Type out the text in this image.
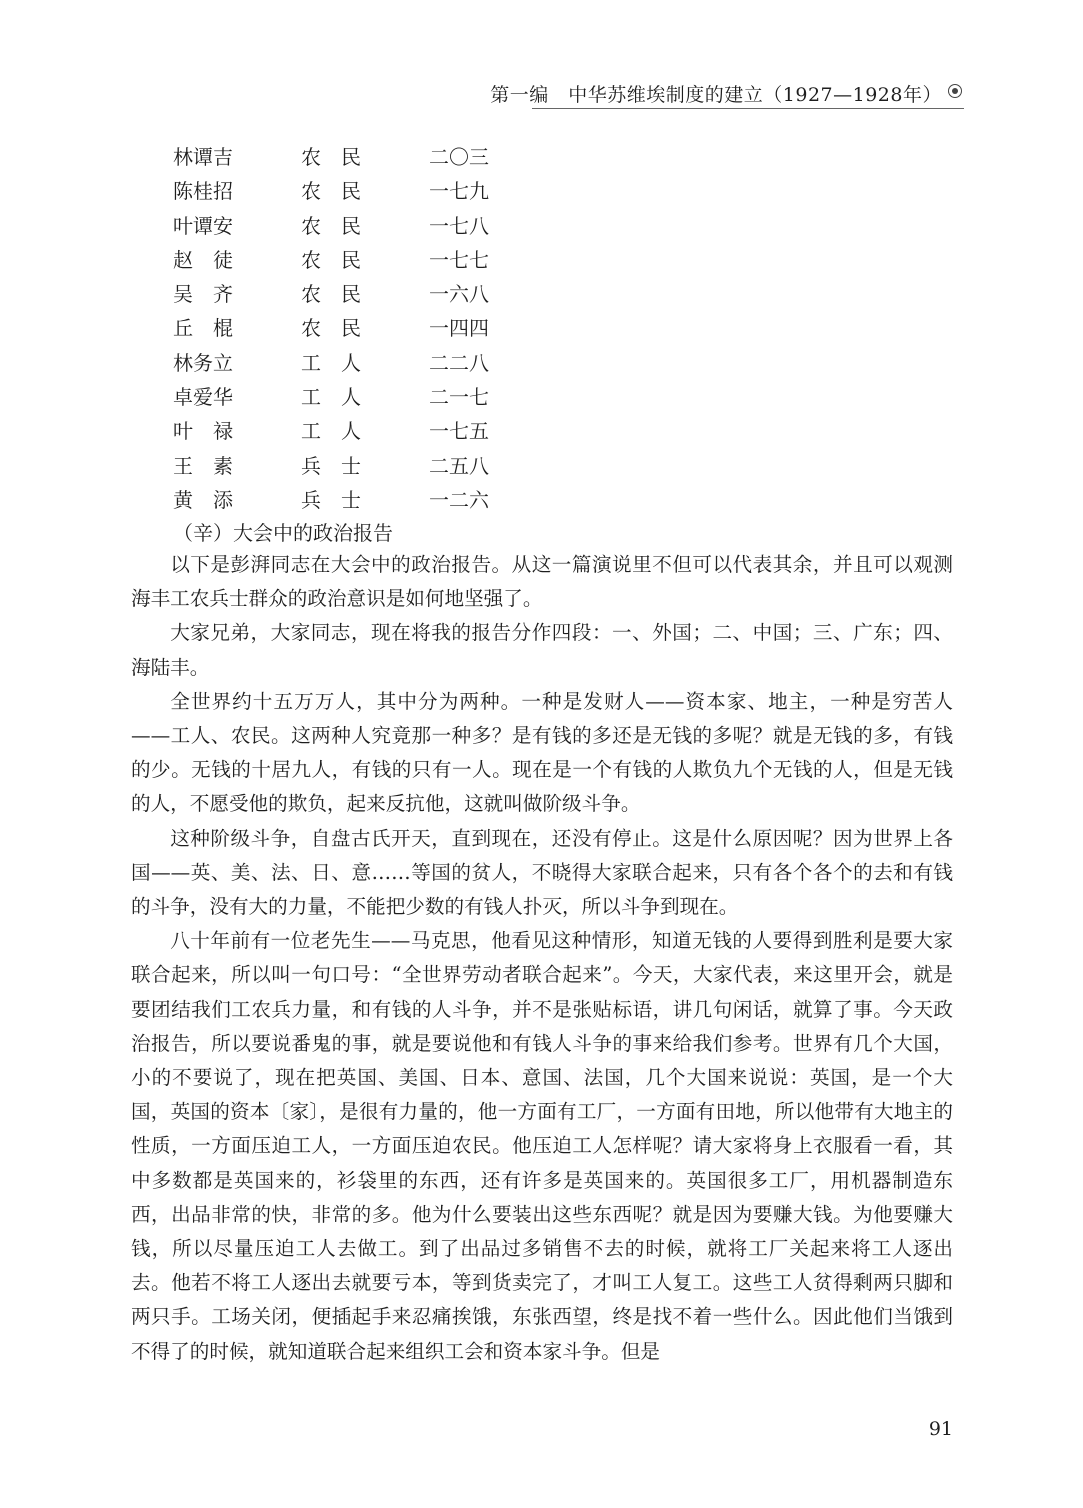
第一编　中华苏维埃制度的建立（1927—1928年）
林谭吉	农　民	二〇三
陈桂招	农　民	一七九
叶谭安	农　民	一七八
赵　徒	农　民	一七七
吴　齐	农　民	一六八
丘　棍	农　民	一四四
林务立	工　人	二二八
卓爱华	工　人	二一七
叶　禄	工　人	一七五
王　素	兵　士	二五八
黄　添	兵　士	一二六
（辛）大会中的政治报告

以下是彭湃同志在大会中的政治报告。从这一篇演说里不但可以代表其余，并且可以观测海丰工农兵士群众的政治意识是如何地坚强了。

大家兄弟，大家同志，现在将我的报告分作四段：一、外国；二、中国；三、广东；四、海陆丰。

全世界约十五万万人，其中分为两种。一种是发财人——资本家、地主，一种是穷苦人——工人、农民。这两种人究竟那一种多？是有钱的多还是无钱的多呢？就是无钱的多，有钱的少。无钱的十居九人，有钱的只有一人。现在是一个有钱的人欺负九个无钱的人，但是无钱的人，不愿受他的欺负，起来反抗他，这就叫做阶级斗争。

这种阶级斗争，自盘古氏开天，直到现在，还没有停止。这是什么原因呢？因为世界上各国——英、美、法、日、意……等国的贫人，不晓得大家联合起来，只有各个各个的去和有钱的斗争，没有大的力量，不能把少数的有钱人扑灭，所以斗争到现在。

八十年前有一位老先生——马克思，他看见这种情形，知道无钱的人要得到胜利是要大家联合起来，所以叫一句口号：“全世界劳动者联合起来”。今天，大家代表，来这里开会，就是要团结我们工农兵力量，和有钱的人斗争，并不是张贴标语，讲几句闲话，就算了事。今天政治报告，所以要说番鬼的事，就是要说他和有钱人斗争的事来给我们参考。世界有几个大国，小的不要说了，现在把英国、美国、日本、意国、法国，几个大国来说说：英国，是一个大国，英国的资本〔家〕，是很有力量的，他一方面有工厂，一方面有田地，所以他带有大地主的性质，一方面压迫工人，一方面压迫农民。他压迫工人怎样呢？请大家将身上衣服看一看，其中多数都是英国来的，衫袋里的东西，还有许多是英国来的。英国很多工厂，用机器制造东西，出品非常的快，非常的多。他为什么要装出这些东西呢？就是因为要赚大钱。为他要赚大钱，所以尽量压迫工人去做工。到了出品过多销售不去的时候，就将工厂关起来将工人逐出去。他若不将工人逐出去就要亏本，等到货卖完了，才叫工人复工。这些工人贫得剩两只脚和两只手。工场关闭，便插起手来忍痛挨饿，东张西望，终是找不着一些什么。因此他们当饿到不得了的时候，就知道联合起来组织工会和资本家斗争。但是

91
